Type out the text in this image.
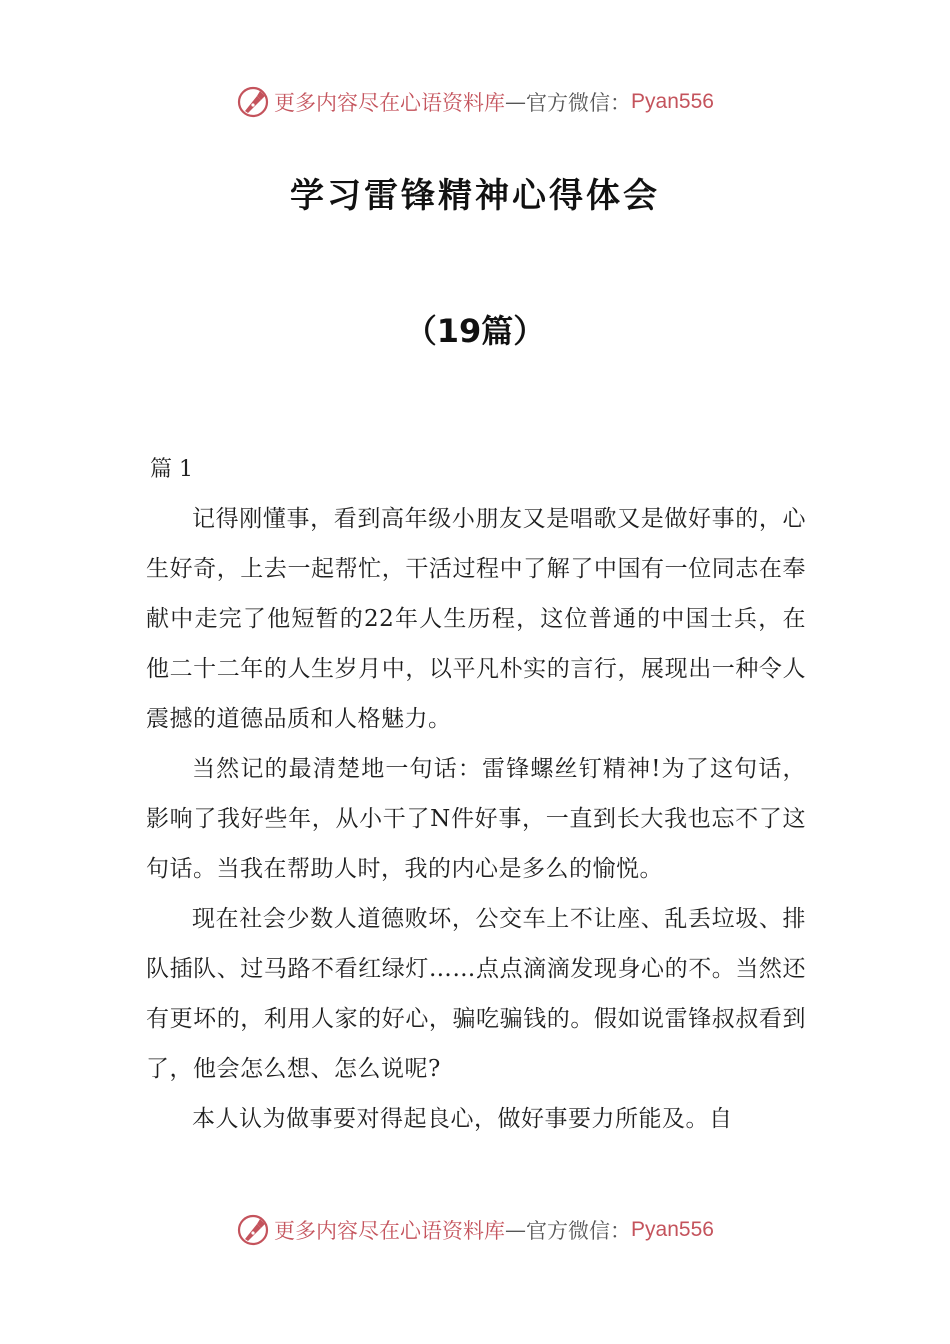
更多内容尽在心语资料库 — 官方微信： Pyan556
学习雷锋精神心得体会
（19篇）
篇 1

记得刚懂事，看到高年级小朋友又是唱歌又是做好事的，心生好奇，上去一起帮忙，干活过程中了解了中国有一位同志在奉献中走完了他短暂的22年人生历程，这位普通的中国士兵，在他二十二年的人生岁月中，以平凡朴实的言行，展现出一种令人震撼的道德品质和人格魅力。

当然记的最清楚地一句话：雷锋螺丝钉精神!为了这句话，影响了我好些年，从小干了N件好事，一直到长大我也忘不了这句话。当我在帮助人时，我的内心是多么的愉悦。

现在社会少数人道德败坏，公交车上不让座、乱丢垃圾、排队插队、过马路不看红绿灯……点点滴滴发现身心的不。当然还有更坏的，利用人家的好心，骗吃骗钱的。假如说雷锋叔叔看到了，他会怎么想、怎么说呢?

本人认为做事要对得起良心，做好事要力所能及。自

更多内容尽在心语资料库 — 官方微信： Pyan556
